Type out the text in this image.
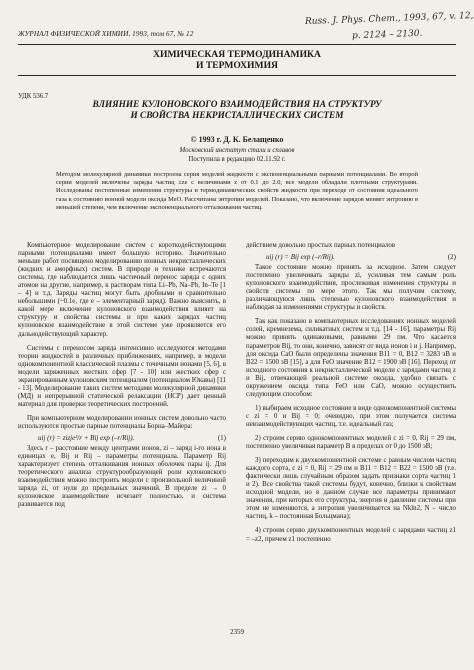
ЖУРНАЛ ФИЗИЧЕСКОЙ ХИМИИ, 1993, том 67, № 12
Russ. J. Phys. Chem., 1993, 67, v. 12,
p. 2124 – 2130.
ХИМИЧЕСКАЯ ТЕРМОДИНАМИКА
И ТЕРМОХИМИЯ
УДК 536.7
ВЛИЯНИЕ КУЛОНОВСКОГО ВЗАИМОДЕЙСТВИЯ НА СТРУКТУРУ
И СВОЙСТВА НЕКРИСТАЛЛИЧЕСКИХ СИСТЕМ
© 1993 г. Д. К. Белащенко
Московский институт стали и сплавов
Поступила в редакцию 02.11.92 г.
Методом молекулярной динамики построена серия моделей жидкости с экспоненциальными парными потенциалами. Во второй серии моделей включены заряды частиц ±ze с величинами z от 0.1 до 2.0, все модели обладали плотными структурами. Исследованы постепенные изменения структуры и термодинамических свойств жидкости при переходе от состояния идеального газа к состоянию ионной модели оксида MeO. Рассчитаны энтропии моделей. Показано, что включение зарядов меняет энтропию в меньшей степени, чем включение экспоненциального отталкивания частиц.

Компьютерное моделирование систем с короткодействующими парными потенциалами имеет большую историю. Значительно меньше работ посвящено моделированию ионных некристаллических (жидких и аморфных) систем. В природе и технике встречаются системы, где наблюдается лишь частичный перенос заряда с одних атомов на другие, например, к растворам типа Li–Pb, Na–Pb, In–Te [1 – 4] и т.д. Заряды частиц могут быть дробными и сравнительно небольшими (~0.1e, где e – элементарный заряд). Важно выяснить, в какой мере включение кулоновского взаимодействия влияет на структуру и свойства системы и при каких зарядах частиц кулоновское взаимодействие в этой системе уже проявляется его дальнодействующий характер.

Системы с переносом заряда интенсивно исследуются методами теории жидкостей в различных приближениях, например, в модели однокомпонентной классической плазмы с точечными ионами [5, 6], в модели заряженных жестких сфер [7 - 10] или жестких сфер с экранированным кулоновским потенциалом (потенциалом Юкавы) [11 - 13]. Моделирование таких систем методами молекулярной динамики (МД) и непрерывной статической релаксации (НСР) дает ценный материал для проверки теоретических построений.

При компьютерном моделировании ионных систем довольно часто используются простые парные потенциалы Борна–Майера:

uij (r) = zizje²/r + Bij exp (–r/Rij).	(1)

Здесь r – расстояние между центрами ионов, zi – заряд i-го иона в единицах e, Bij и Rij – параметры потенциала. Параметр Rij характеризует степень отталкивания ионных оболочек пары ij. Для теоретического анализа структурообразующей роли кулоновского взаимодействия можно построить модели с произвольной величиной заряда zi, от нуля до предельных значений. В пределе zi → 0 кулоновское взаимодействие исчезает полностью, и система развивается под

действием довольно простых парных потенциалов

uij (r) = Bij exp (–r/Rij).	(2)

Такое состояние можно принять за исходное. Затем следует постепенно увеличивать заряды zi, усиливая тем самым роль кулоновского взаимодействия, прослеживая изменения структуры и свойств системы по мере этого. Так мы получим систему, различающуюся лишь степенью кулоновского взаимодействия и наблюдая за изменениями структуры и свойств.

Так как показано в компьютерных исследованиях ионных моделей солей, кремнезема, силикатных систем и т.д. [14 - 16], параметры Rij можно принять одинаковыми, равными 29 пм. Что касается параметров Bij, то они, конечно, зависят от вида ионов i и j. Например, для оксида CaO были определены значения B11 = 0, B12 = 3283 эВ и B22 = 1500 эВ [15], а для FeO значение B12 = 1900 эВ [16]. Переход от исходного состояния к некристаллической модели с зарядами частиц z и Bij, отвечающей реальной системе оксида, удобно связать с окружением оксида типа FeO или CaO, можно осуществить следующим способом:

1) выбираем исходное состояние в виде однокомпонентной системы с zi = 0 и Bij = 0; очевидно, при этом получается система невзаимодействующих частиц, т.е. идеальный газ;

2) строим серию однокомпонентных моделей с zi = 0, Rij = 29 пм, постепенно увеличивая параметр B в пределах от 0 до 1500 эВ;

3) переходим к двухкомпонентной системе с равным числом частиц каждого сорта, с zi = 0, Rij = 29 пм и B11 = B12 = B22 = 1500 эВ (т.е. фактически лишь случайным образом задать признаки сорта частиц 1 и 2). Все свойства такой системы будут, конечно, близки к свойствам исходной модели, но в данном случае все параметры принимают значения, при которых его структура, энергия и давление системы при этом не изменяются, а энтропия увеличивается на Nkln2, N – число частиц, k – постоянная Больцмана);

4) строим серию двухкомпонентных моделей с зарядами частиц z1 = –z2, причем z1 постепенно

2359
